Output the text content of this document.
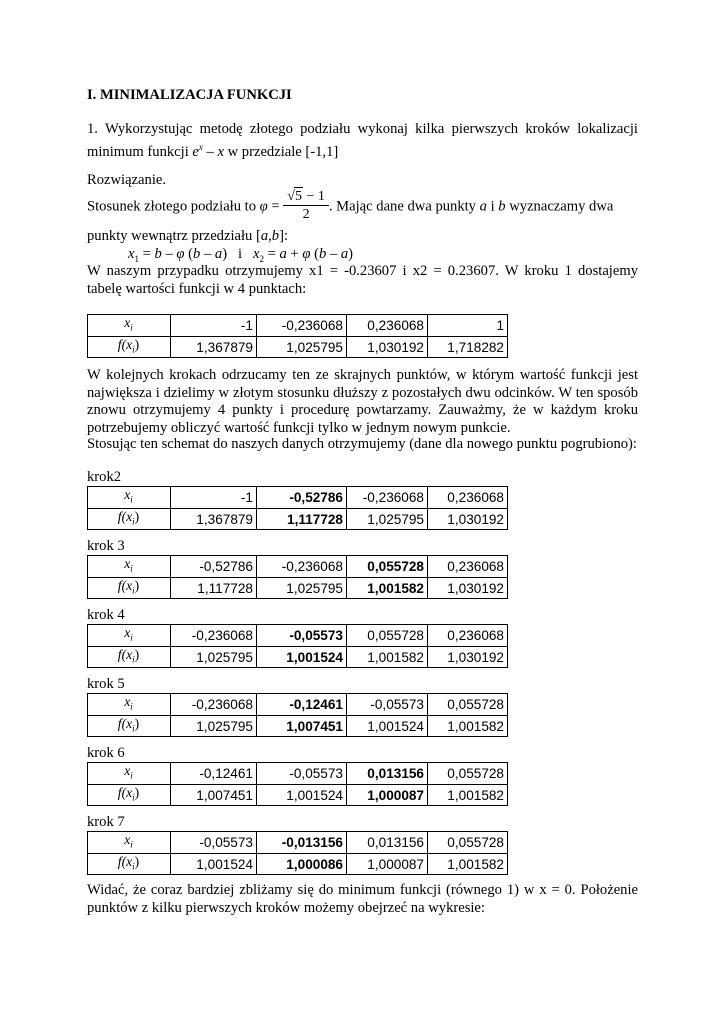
I. MINIMALIZACJA FUNKCJI
1. Wykorzystując metodę złotego podziału wykonaj kilka pierwszych kroków lokalizacji minimum funkcji $e^x$ – x w przedziale [-1,1]
Rozwiązanie.
Stosunek złotego podziału to $\varphi = \frac{√5 - 1}{2}$ . Mając dane dwa punkty a i b wyznaczamy dwa
punkty wewnątrz przedziału [a,b]:
$x_1 = b - \varphi$ (b – a)   i   $x_2 = a + \varphi$ (b – a)
W naszym przypadku otrzymujemy x1 = -0.23607 i x2 = 0.23607. W kroku 1 dostajemy tabelę wartości funkcji w 4 punktach:
$x_i$	-1	-0,236068	0,236068	1
$f(x_i)$	1,367879	1,025795	1,030192	1,718282
W kolejnych krokach odrzucamy ten ze skrajnych punktów, w którym wartość funkcji jest największa i dzielimy w złotym stosunku dłuższy z pozostałych dwu odcinków. W ten sposób znowu otrzymujemy 4 punkty i procedurę powtarzamy. Zauważmy, że w każdym kroku potrzebujemy obliczyć wartość funkcji tylko w jednym nowym punkcie.
Stosując ten schemat do naszych danych otrzymujemy (dane dla nowego punktu pogrubiono):
krok2
$x_i$	-1	-0,52786	-0,236068	0,236068
$f(x_i)$	1,367879	1,117728	1,025795	1,030192
krok 3
$x_i$	-0,52786	-0,236068	0,055728	0,236068
$f(x_i)$	1,117728	1,025795	1,001582	1,030192
krok 4
$x_i$	-0,236068	-0,05573	0,055728	0,236068
$f(x_i)$	1,025795	1,001524	1,001582	1,030192
krok 5
$x_i$	-0,236068	-0,12461	-0,05573	0,055728
$f(x_i)$	1,025795	1,007451	1,001524	1,001582
krok 6
$x_i$	-0,12461	-0,05573	0,013156	0,055728
$f(x_i)$	1,007451	1,001524	1,000087	1,001582
krok 7
$x_i$	-0,05573	-0,013156	0,013156	0,055728
$f(x_i)$	1,001524	1,000086	1,000087	1,001582
Widać, że coraz bardziej zbliżamy się do minimum funkcji (równego 1) w x = 0. Położenie punktów z kilku pierwszych kroków możemy obejrzeć na wykresie:
